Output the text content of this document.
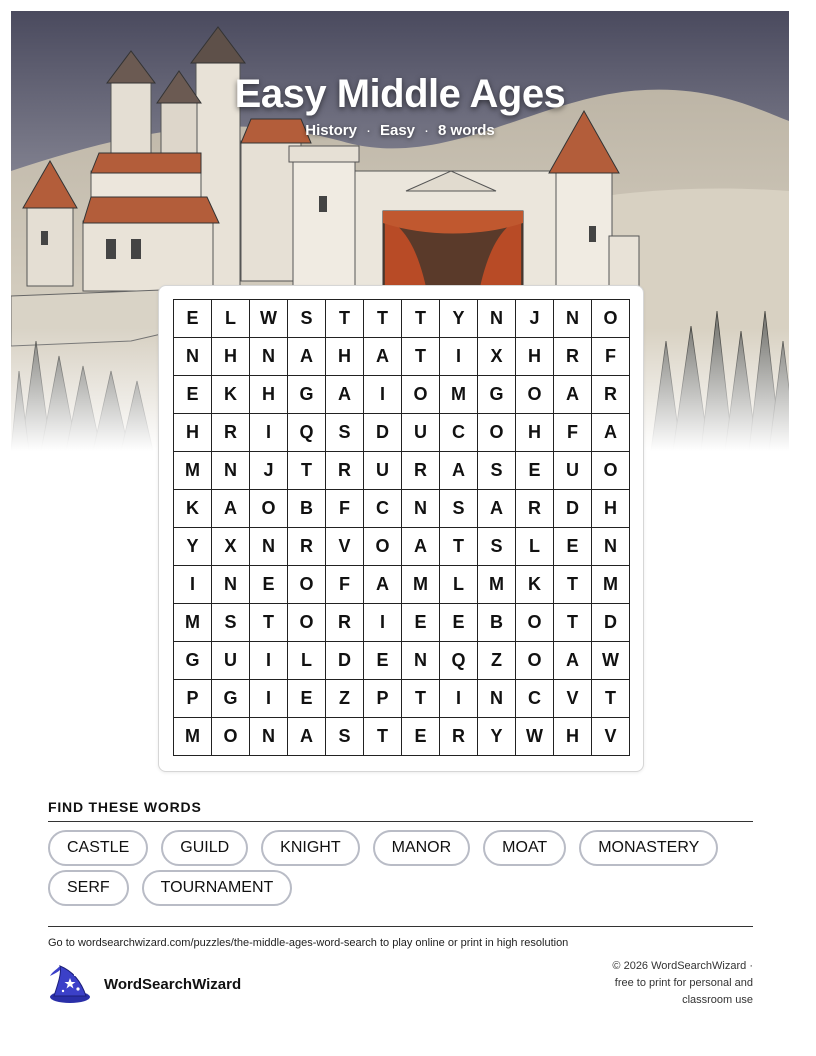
Easy Middle Ages
History · Easy · 8 words
E	L	W	S	T	T	T	Y	N	J	N	O
N	H	N	A	H	A	T	I	X	H	R	F
E	K	H	G	A	I	O	M	G	O	A	R
H	R	I	Q	S	D	U	C	O	H	F	A
M	N	J	T	R	U	R	A	S	E	U	O
K	A	O	B	F	C	N	S	A	R	D	H
Y	X	N	R	V	O	A	T	S	L	E	N
I	N	E	O	F	A	M	L	M	K	T	M
M	S	T	O	R	I	E	E	B	O	T	D
G	U	I	L	D	E	N	Q	Z	O	A	W
P	G	I	E	Z	P	T	I	N	C	V	T
M	O	N	A	S	T	E	R	Y	W	H	V
FIND THESE WORDS
CASTLE	GUILD	KNIGHT	MANOR	MOAT	MONASTERY
SERF	TOURNAMENT
Go to wordsearchwizard.com/puzzles/the-middle-ages-word-search to play online or print in high resolution
WordSearchWizard
© 2026 WordSearchWizard ·
free to print for personal and
classroom use
